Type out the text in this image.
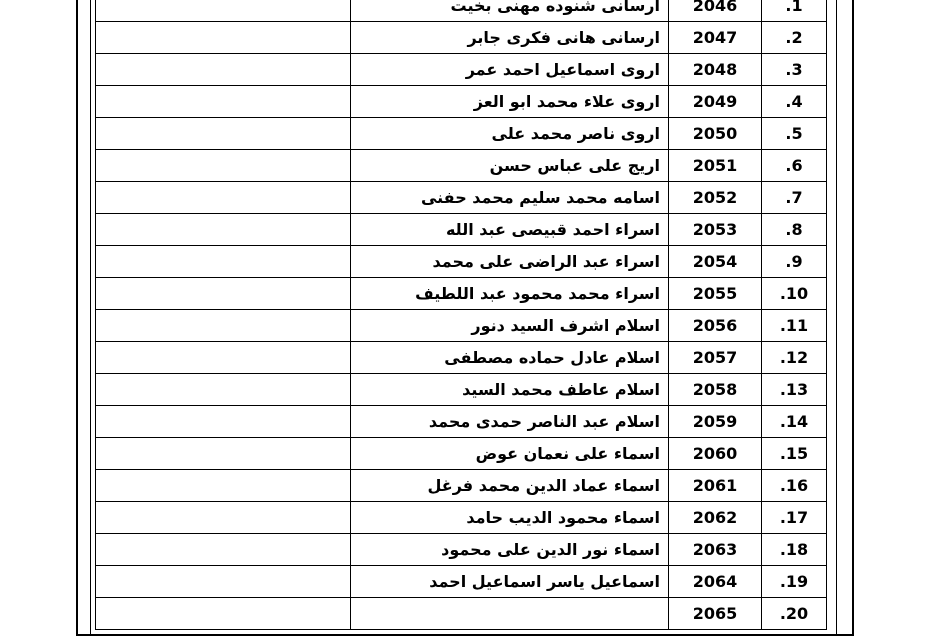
	ارسانى شنوده مهنى بخيت	2046	1.
	ارسانى هانى فكرى جابر	2047	2.
	اروى اسماعيل احمد عمر	2048	3.
	اروى علاء محمد ابو العز	2049	4.
	اروى ناصر محمد على	2050	5.
	اريج على عباس حسن	2051	6.
	اسامه محمد سليم محمد حفنى	2052	7.
	اسراء احمد قبيصى عبد الله	2053	8.
	اسراء عبد الراضى على محمد	2054	9.
	اسراء محمد محمود عبد اللطيف	2055	10.
	اسلام اشرف السيد دنور	2056	11.
	اسلام عادل حماده مصطفى	2057	12.
	اسلام عاطف محمد السيد	2058	13.
	اسلام عبد الناصر حمدى محمد	2059	14.
	اسماء على نعمان عوض	2060	15.
	اسماء عماد الدين محمد فرغل	2061	16.
	اسماء محمود الديب حامد	2062	17.
	اسماء نور الدين على محمود	2063	18.
	اسماعيل ياسر اسماعيل احمد	2064	19.
		2065	20.
